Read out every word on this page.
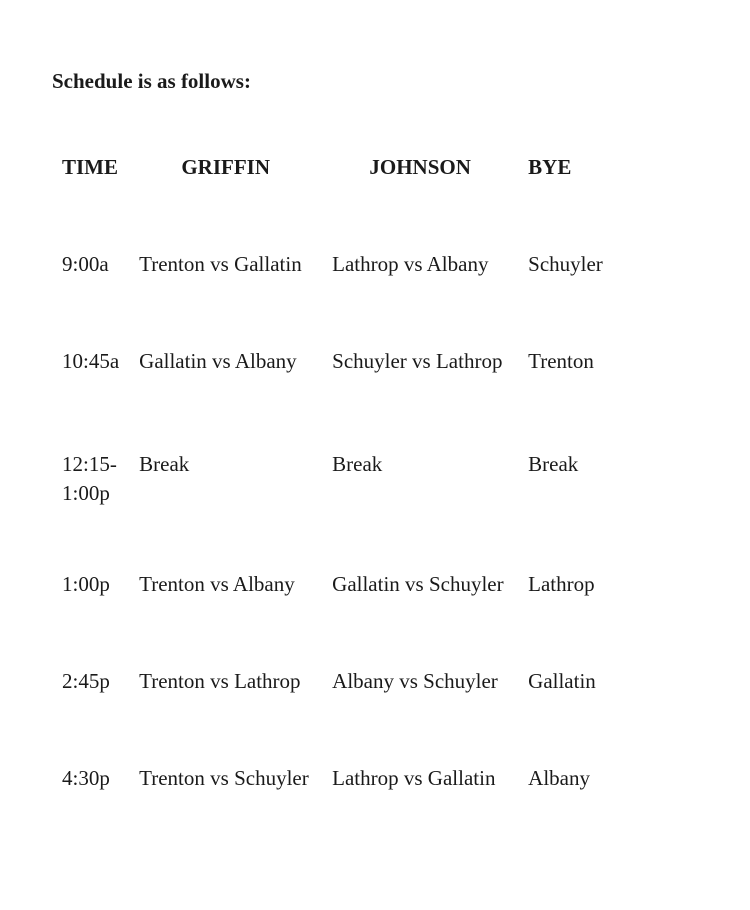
Schedule is as follows:

TIME	GRIFFIN	JOHNSON	BYE
9:00a	Trenton vs Gallatin	Lathrop vs Albany	Schuyler
10:45a	Gallatin vs Albany	Schuyler vs Lathrop	Trenton
12:15-1:00p	Break	Break	Break
1:00p	Trenton vs Albany	Gallatin vs Schuyler	Lathrop
2:45p	Trenton vs Lathrop	Albany vs Schuyler	Gallatin
4:30p	Trenton vs Schuyler	Lathrop vs Gallatin	Albany
